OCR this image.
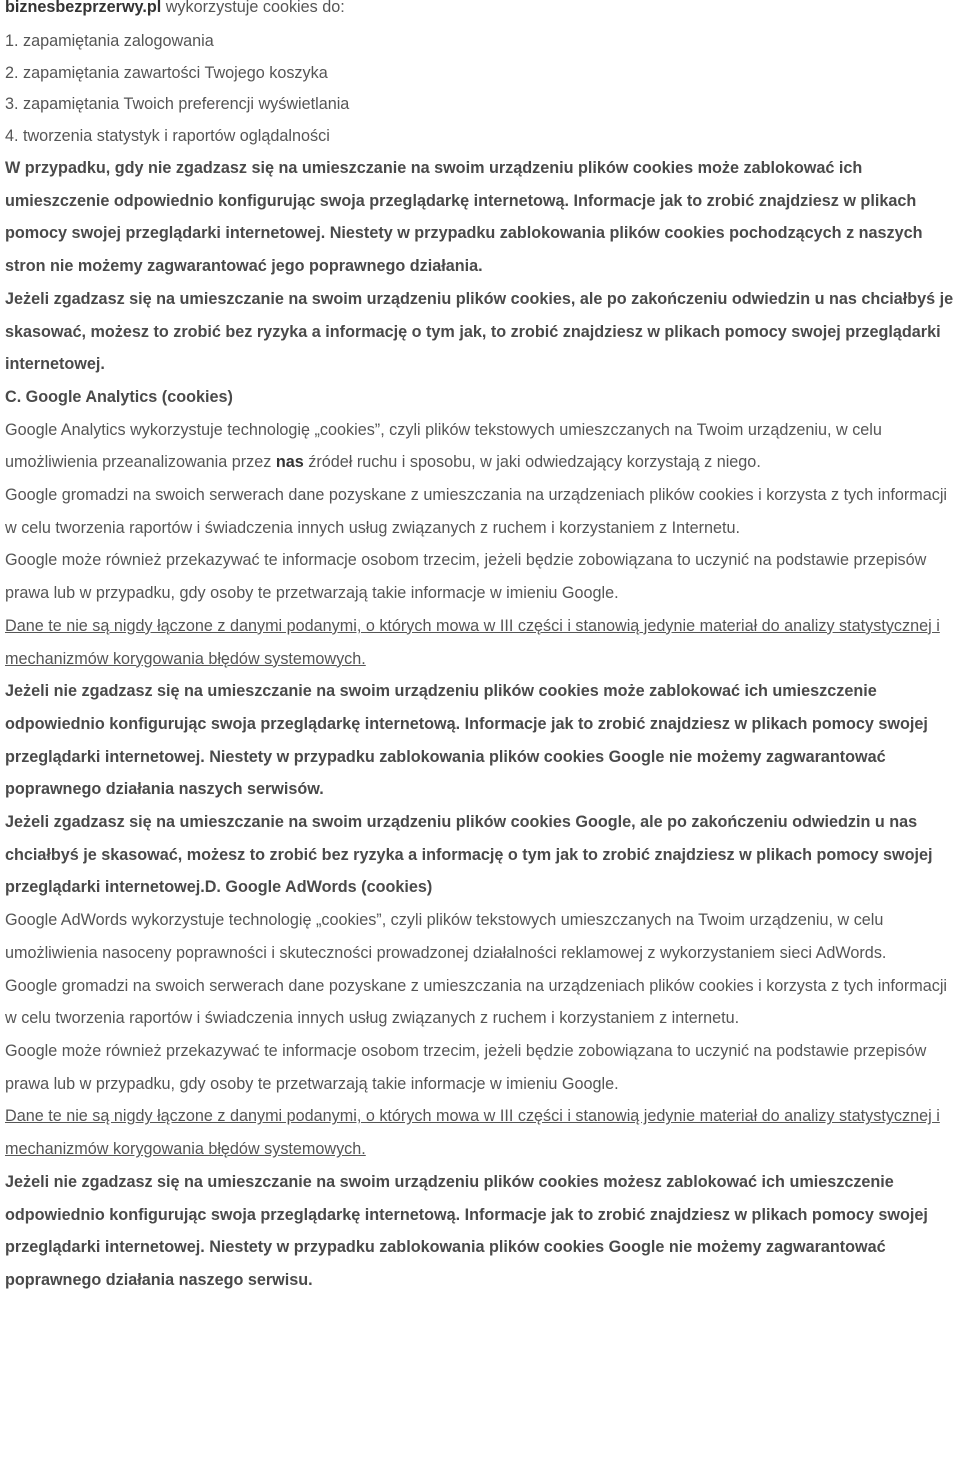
biznesbezprzerwy.pl wykorzystuje cookies do:

1. zapamiętania zalogowania

2. zapamiętania zawartości Twojego koszyka

3. zapamiętania Twoich preferencji wyświetlania

4. tworzenia statystyk i raportów oglądalności

W przypadku, gdy nie zgadzasz się na umieszczanie na swoim urządzeniu plików cookies może zablokować ich umieszczenie odpowiednio konfigurując swoja przeglądarkę internetową. Informacje jak to zrobić znajdziesz w plikach pomocy swojej przeglądarki internetowej. Niestety w przypadku zablokowania plików cookies pochodzących z naszych stron nie możemy zagwarantować jego poprawnego działania.

Jeżeli zgadzasz się na umieszczanie na swoim urządzeniu plików cookies, ale po zakończeniu odwiedzin u nas chciałbyś je skasować, możesz to zrobić bez ryzyka a informację o tym jak, to zrobić znajdziesz w plikach pomocy swojej przeglądarki internetowej.

C. Google Analytics (cookies)

Google Analytics wykorzystuje technologię „cookies”, czyli plików tekstowych umieszczanych na Twoim urządzeniu, w celu umożliwienia przeanalizowania przez nas źródeł ruchu i sposobu, w jaki odwiedzający korzystają z niego.

Google gromadzi na swoich serwerach dane pozyskane z umieszczania na urządzeniach plików cookies i korzysta z tych informacji w celu tworzenia raportów i świadczenia innych usług związanych z ruchem i korzystaniem z Internetu.

Google może również przekazywać te informacje osobom trzecim, jeżeli będzie zobowiązana to uczynić na podstawie przepisów prawa lub w przypadku, gdy osoby te przetwarzają takie informacje w imieniu Google.

Dane te nie są nigdy łączone z danymi podanymi, o których mowa w III części i stanowią jedynie materiał do analizy statystycznej i mechanizmów korygowania błędów systemowych.

Jeżeli nie zgadzasz się na umieszczanie na swoim urządzeniu plików cookies może zablokować ich umieszczenie odpowiednio konfigurując swoja przeglądarkę internetową. Informacje jak to zrobić znajdziesz w plikach pomocy swojej przeglądarki internetowej. Niestety w przypadku zablokowania plików cookies Google nie możemy zagwarantować poprawnego działania naszych serwisów.

Jeżeli zgadzasz się na umieszczanie na swoim urządzeniu plików cookies Google, ale po zakończeniu odwiedzin u nas chciałbyś je skasować, możesz to zrobić bez ryzyka a informację o tym jak to zrobić znajdziesz w plikach pomocy swojej przeglądarki internetowej.D. Google AdWords (cookies)

Google AdWords wykorzystuje technologię „cookies”, czyli plików tekstowych umieszczanych na Twoim urządzeniu, w celu umożliwienia nasoceny poprawności i skuteczności prowadzonej działalności reklamowej z wykorzystaniem sieci AdWords.

Google gromadzi na swoich serwerach dane pozyskane z umieszczania na urządzeniach plików cookies i korzysta z tych informacji w celu tworzenia raportów i świadczenia innych usług związanych z ruchem i korzystaniem z internetu.

Google może również przekazywać te informacje osobom trzecim, jeżeli będzie zobowiązana to uczynić na podstawie przepisów prawa lub w przypadku, gdy osoby te przetwarzają takie informacje w imieniu Google.

Dane te nie są nigdy łączone z danymi podanymi, o których mowa w III części i stanowią jedynie materiał do analizy statystycznej i mechanizmów korygowania błędów systemowych.

Jeżeli nie zgadzasz się na umieszczanie na swoim urządzeniu plików cookies możesz zablokować ich umieszczenie odpowiednio konfigurując swoja przeglądarkę internetową. Informacje jak to zrobić znajdziesz w plikach pomocy swojej przeglądarki internetowej. Niestety w przypadku zablokowania plików cookies Google nie możemy zagwarantować poprawnego działania naszego serwisu.
